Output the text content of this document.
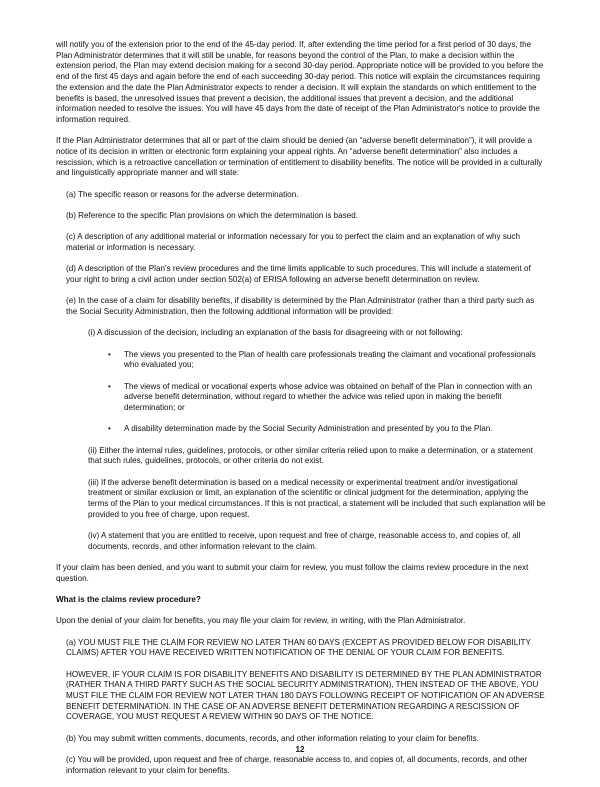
will notify you of the extension prior to the end of the 45-day period. If, after extending the time period for a first period of 30 days, the Plan Administrator determines that it will still be unable, for reasons beyond the control of the Plan, to make a decision within the extension period, the Plan may extend decision making for a second 30-day period. Appropriate notice will be provided to you before the end of the first 45 days and again before the end of each succeeding 30-day period. This notice will explain the circumstances requiring the extension and the date the Plan Administrator expects to render a decision. It will explain the standards on which entitlement to the benefits is based, the unresolved issues that prevent a decision, the additional issues that prevent a decision, and the additional information needed to resolve the issues. You will have 45 days from the date of receipt of the Plan Administrator's notice to provide the information required.

If the Plan Administrator determines that all or part of the claim should be denied (an “adverse benefit determination”), it will provide a notice of its decision in written or electronic form explaining your appeal rights. An “adverse benefit determination” also includes a rescission, which is a retroactive cancellation or termination of entitlement to disability benefits. The notice will be provided in a culturally and linguistically appropriate manner and will state:

(a) The specific reason or reasons for the adverse determination.

(b) Reference to the specific Plan provisions on which the determination is based.

(c) A description of any additional material or information necessary for you to perfect the claim and an explanation of why such material or information is necessary.

(d) A description of the Plan's review procedures and the time limits applicable to such procedures. This will include a statement of your right to bring a civil action under section 502(a) of ERISA following an adverse benefit determination on review.

(e) In the case of a claim for disability benefits, if disability is determined by the Plan Administrator (rather than a third party such as the Social Security Administration, then the following additional information will be provided:

(i) A discussion of the decision, including an explanation of the basis for disagreeing with or not following:

•	The views you presented to the Plan of health care professionals treating the claimant and vocational professionals who evaluated you;

•	The views of medical or vocational experts whose advice was obtained on behalf of the Plan in connection with an adverse benefit determination, without regard to whether the advice was relied upon in making the benefit determination; or

•	A disability determination made by the Social Security Administration and presented by you to the Plan.

(ii) Either the internal rules, guidelines, protocols, or other similar criteria relied upon to make a determination, or a statement that such rules, guidelines, protocols, or other criteria do not exist.

(iii) If the adverse benefit determination is based on a medical necessity or experimental treatment and/or investigational treatment or similar exclusion or limit, an explanation of the scientific or clinical judgment for the determination, applying the terms of the Plan to your medical circumstances. If this is not practical, a statement will be included that such explanation will be provided to you free of charge, upon request.

(iv) A statement that you are entitled to receive, upon request and free of charge, reasonable access to, and copies of, all documents, records, and other information relevant to the claim.

If your claim has been denied, and you want to submit your claim for review, you must follow the claims review procedure in the next question.

What is the claims review procedure?

Upon the denial of your claim for benefits, you may file your claim for review, in writing, with the Plan Administrator.

(a) YOU MUST FILE THE CLAIM FOR REVIEW NO LATER THAN 60 DAYS (EXCEPT AS PROVIDED BELOW FOR DISABILITY CLAIMS) AFTER YOU HAVE RECEIVED WRITTEN NOTIFICATION OF THE DENIAL OF YOUR CLAIM FOR BENEFITS.

HOWEVER, IF YOUR CLAIM IS FOR DISABILITY BENEFITS AND DISABILITY IS DETERMINED BY THE PLAN ADMINISTRATOR (RATHER THAN A THIRD PARTY SUCH AS THE SOCIAL SECURITY ADMINISTRATION), THEN INSTEAD OF THE ABOVE, YOU MUST FILE THE CLAIM FOR REVIEW NOT LATER THAN 180 DAYS FOLLOWING RECEIPT OF NOTIFICATION OF AN ADVERSE BENEFIT DETERMINATION. IN THE CASE OF AN ADVERSE BENEFIT DETERMINATION REGARDING A RESCISSION OF COVERAGE, YOU MUST REQUEST A REVIEW WITHIN 90 DAYS OF THE NOTICE.

(b) You may submit written comments, documents, records, and other information relating to your claim for benefits.

(c) You will be provided, upon request and free of charge, reasonable access to, and copies of, all documents, records, and other information relevant to your claim for benefits.

12
